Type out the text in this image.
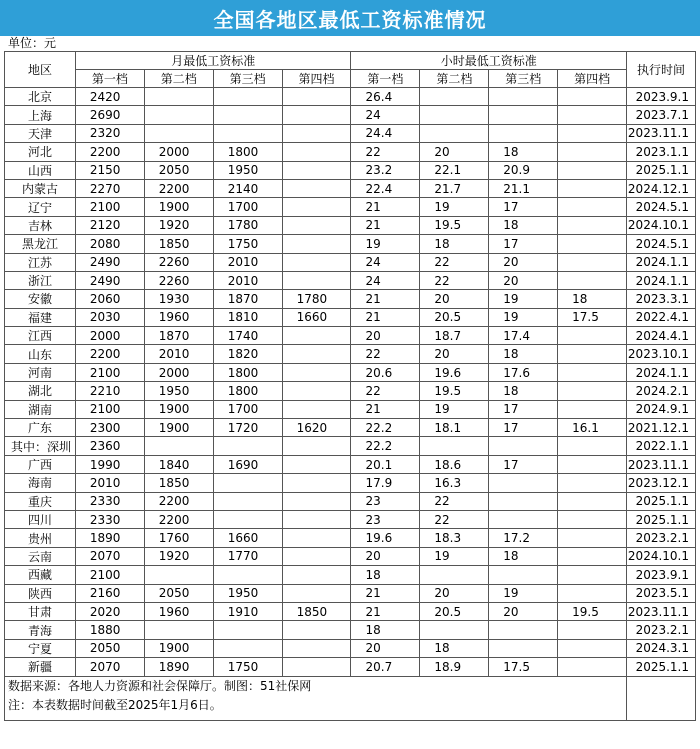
全国各地区最低工资标准情况
单位：元
地区	月最低工资标准				小时最低工资标准				执行时间
	第一档	第二档	第三档	第四档	第一档	第二档	第三档	第四档	
北京	2420				26.4				2023.9.1
上海	2690				24				2023.7.1
天津	2320				24.4				2023.11.1
河北	2200	2000	1800		22	20	18		2023.1.1
山西	2150	2050	1950		23.2	22.1	20.9		2025.1.1
内蒙古	2270	2200	2140		22.4	21.7	21.1		2024.12.1
辽宁	2100	1900	1700		21	19	17		2024.5.1
吉林	2120	1920	1780		21	19.5	18		2024.10.1
黑龙江	2080	1850	1750		19	18	17		2024.5.1
江苏	2490	2260	2010		24	22	20		2024.1.1
浙江	2490	2260	2010		24	22	20		2024.1.1
安徽	2060	1930	1870	1780	21	20	19	18	2023.3.1
福建	2030	1960	1810	1660	21	20.5	19	17.5	2022.4.1
江西	2000	1870	1740		20	18.7	17.4		2024.4.1
山东	2200	2010	1820		22	20	18		2023.10.1
河南	2100	2000	1800		20.6	19.6	17.6		2024.1.1
湖北	2210	1950	1800		22	19.5	18		2024.2.1
湖南	2100	1900	1700		21	19	17		2024.9.1
广东	2300	1900	1720	1620	22.2	18.1	17	16.1	2021.12.1
其中：深圳	2360				22.2				2022.1.1
广西	1990	1840	1690		20.1	18.6	17		2023.11.1
海南	2010	1850			17.9	16.3			2023.12.1
重庆	2330	2200			23	22			2025.1.1
四川	2330	2200			23	22			2025.1.1
贵州	1890	1760	1660		19.6	18.3	17.2		2023.2.1
云南	2070	1920	1770		20	19	18		2024.10.1
西藏	2100				18				2023.9.1
陕西	2160	2050	1950		21	20	19		2023.5.1
甘肃	2020	1960	1910	1850	21	20.5	20	19.5	2023.11.1
青海	1880				18				2023.2.1
宁夏	2050	1900			20	18			2024.3.1
新疆	2070	1890	1750		20.7	18.9	17.5		2025.1.1

数据来源：各地人力资源和社会保障厅。制图：51社保网
注：本表数据时间截至2025年1月6日。									
